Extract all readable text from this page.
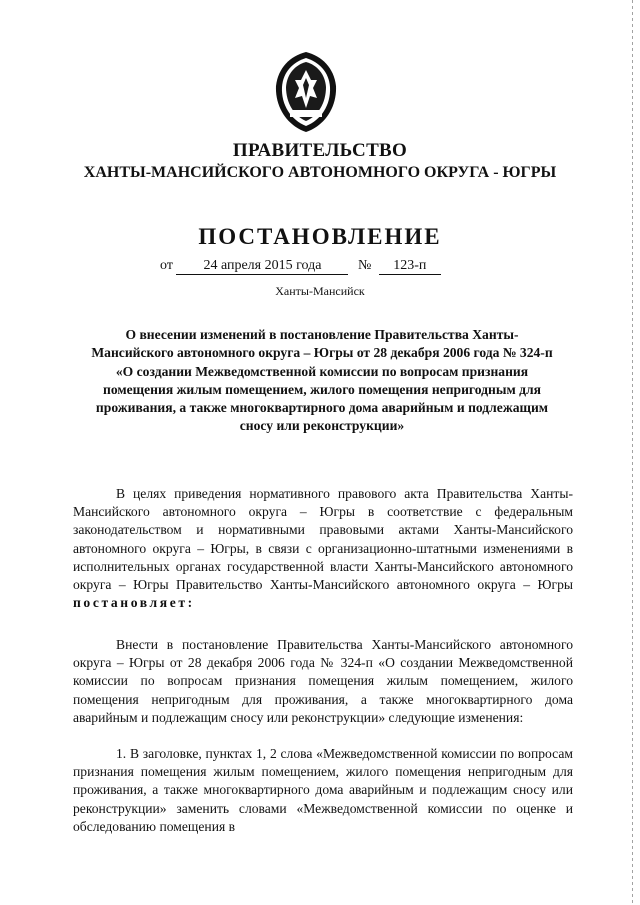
ПРАВИТЕЛЬСТВО
ХАНТЫ-МАНСИЙСКОГО АВТОНОМНОГО ОКРУГА - ЮГРЫ
ПОСТАНОВЛЕНИЕ
от 24 апреля 2015 года	№ 123-п
Ханты-Мансийск
О внесении изменений в постановление Правительства Ханты-Мансийского автономного округа – Югры от 28 декабря 2006 года № 324-п «О создании Межведомственной комиссии по вопросам признания помещения жилым помещением, жилого помещения непригодным для проживания, а также многоквартирного дома аварийным и подлежащим сносу или реконструкции»
В целях приведения нормативного правового акта Правительства Ханты-Мансийского автономного округа – Югры в соответствие с федеральным законодательством и нормативными правовыми актами Ханты-Мансийского автономного округа – Югры, в связи с организационно-штатными изменениями в исполнительных органах государственной власти Ханты-Мансийского автономного округа – Югры Правительство Ханты-Мансийского автономного округа – Югры постановляет:
Внести в постановление Правительства Ханты-Мансийского автономного округа – Югры от 28 декабря 2006 года № 324-п «О создании Межведомственной комиссии по вопросам признания помещения жилым помещением, жилого помещения непригодным для проживания, а также многоквартирного дома аварийным и подлежащим сносу или реконструкции» следующие изменения:
1. В заголовке, пунктах 1, 2 слова «Межведомственной комиссии по вопросам признания помещения жилым помещением, жилого помещения непригодным для проживания, а также многоквартирного дома аварийным и подлежащим сносу или реконструкции» заменить словами «Межведомственной комиссии по оценке и обследованию помещения в
